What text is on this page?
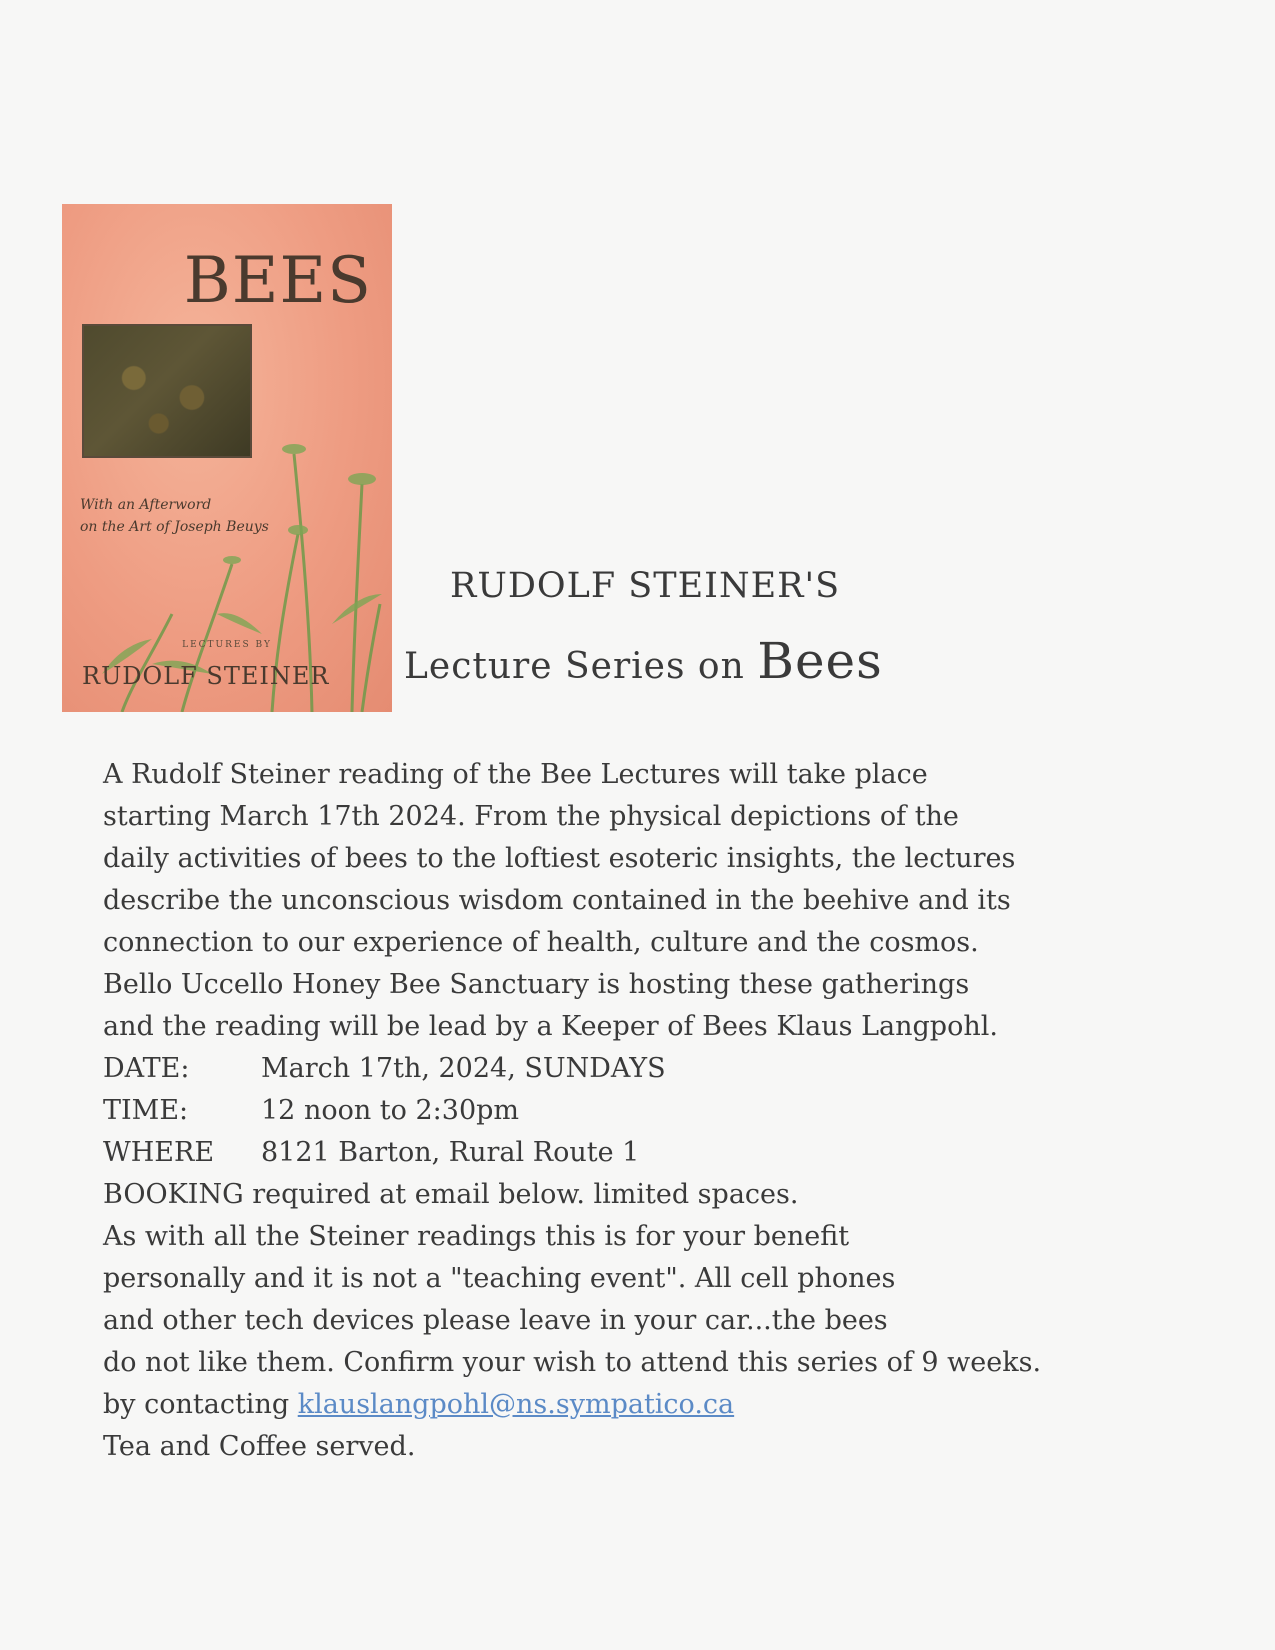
BEES
With an Afterword
on the Art of Joseph Beuys
LECTURES BY
RUDOLF STEINER
RUDOLF STEINER'S
Lecture Series on Bees
A Rudolf Steiner reading of the Bee Lectures will take place
starting March 17th 2024. From the physical depictions of the
daily activities of bees to the loftiest esoteric insights, the lectures
describe the unconscious wisdom contained in the beehive and its
connection to our experience of health, culture and the cosmos.
Bello Uccello Honey Bee Sanctuary is hosting these gatherings
and the reading will be lead by a Keeper of Bees Klaus Langpohl.
DATE:	March 17th, 2024, SUNDAYS
TIME:	12 noon to 2:30pm
WHERE 8121 Barton, Rural Route 1
BOOKING required at email below. limited spaces.
As with all the Steiner readings this is for your benefit
personally and it is not a "teaching event". All cell phones
and other tech devices please leave in your car...the bees
do not like them. Confirm your wish to attend this series of 9 weeks.
by contacting klauslangpohl@ns.sympatico.ca
Tea and Coffee served.
